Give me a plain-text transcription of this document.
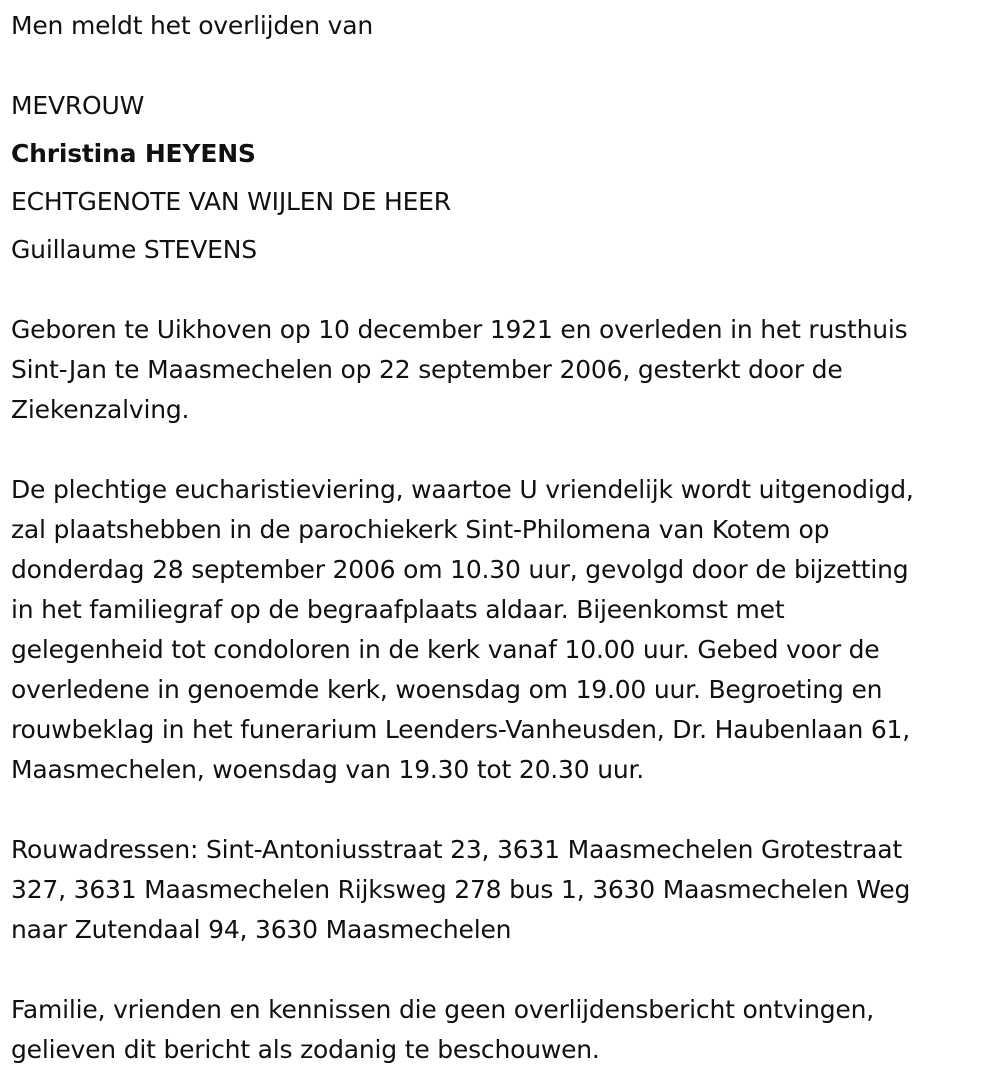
Men meldt het overlijden van
MEVROUW
Christina HEYENS
ECHTGENOTE VAN WIJLEN DE HEER
Guillaume STEVENS
Geboren te Uikhoven op 10 december 1921 en overleden in het rusthuis
Sint-Jan te Maasmechelen op 22 september 2006, gesterkt door de
Ziekenzalving.
De plechtige eucharistieviering, waartoe U vriendelijk wordt uitgenodigd,
zal plaatshebben in de parochiekerk Sint-Philomena van Kotem op
donderdag 28 september 2006 om 10.30 uur, gevolgd door de bijzetting
in het familiegraf op de begraafplaats aldaar. Bijeenkomst met
gelegenheid tot condoloren in de kerk vanaf 10.00 uur. Gebed voor de
overledene in genoemde kerk, woensdag om 19.00 uur. Begroeting en
rouwbeklag in het funerarium Leenders-Vanheusden, Dr. Haubenlaan 61,
Maasmechelen, woensdag van 19.30 tot 20.30 uur.
Rouwadressen: Sint-Antoniusstraat 23, 3631 Maasmechelen Grotestraat
327, 3631 Maasmechelen Rijksweg 278 bus 1, 3630 Maasmechelen Weg
naar Zutendaal 94, 3630 Maasmechelen
Familie, vrienden en kennissen die geen overlijdensbericht ontvingen,
gelieven dit bericht als zodanig te beschouwen.
